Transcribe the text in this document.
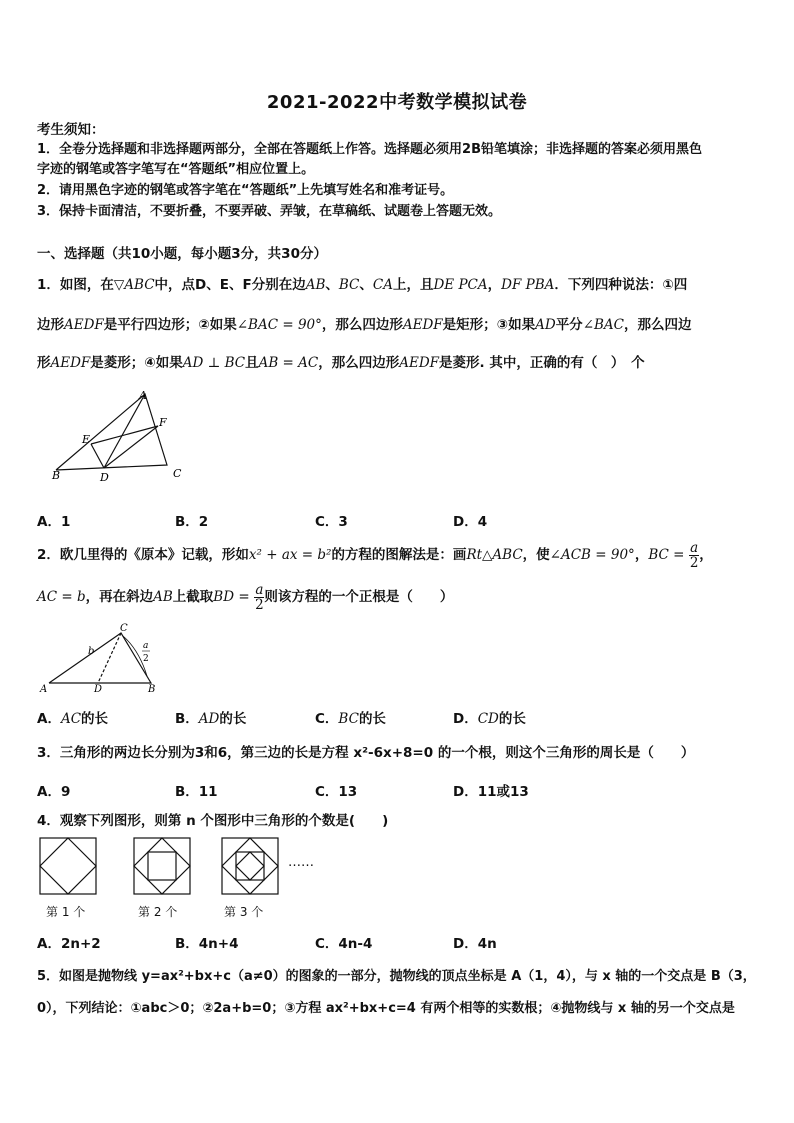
2021-2022中考数学模拟试卷
考生须知：
1．全卷分选择题和非选择题两部分，全部在答题纸上作答。选择题必须用2B铅笔填涂；非选择题的答案必须用黑色
字迹的钢笔或答字笔写在“答题纸”相应位置上。
2．请用黑色字迹的钢笔或答字笔在“答题纸”上先填写姓名和准考证号。
3．保持卡面清洁，不要折叠，不要弄破、弄皱，在草稿纸、试题卷上答题无效。
一、选择题（共10小题，每小题3分，共30分）
1．如图，在▽ABC中，点D、E、F分别在边AB、BC、CA上，且DE PCA，DF PBA．下列四种说法：①四
边形AEDF是平行四边形；②如果∠BAC = 90°，那么四边形AEDF是矩形；③如果AD平分∠BAC，那么四边
形AEDF是菱形；④如果AD ⊥ BC且AB = AC，那么四边形AEDF是菱形. 其中，正确的有（　）　个
A
F
E
B	D	C
A．1	B．2	C．3	D．4
2．欧几里得的《原本》记载，形如x² + ax = b²的方程的图解法是：画Rt△ABC，使∠ACB = 90°，BC = $\frac{a}{2}$ ，
AC = b，再在斜边AB上截取BD = $\frac{a}{2}$ 则该方程的一个正根是（　　）
C
b	a
2
A	D	B
A．AC的长	B．AD的长	C．BC的长	D．CD的长
3．三角形的两边长分别为3和6，第三边的长是方程 x²-6x+8=0 的一个根，则这个三角形的周长是（　　）
A．9	B．11	C．13	D．11或13
4．观察下列图形，则第 n 个图形中三角形的个数是(　　)
……
第 1 个	第 2 个	第 3 个
A．2n+2	B．4n+4	C．4n-4	D．4n
5．如图是抛物线 y=ax²+bx+c（a≠0）的图象的一部分，抛物线的顶点坐标是 A（1，4），与 x 轴的一个交点是 B（3，
0），下列结论：①abc＞0；②2a+b=0；③方程 ax²+bx+c=4 有两个相等的实数根；④抛物线与 x 轴的另一个交点是
